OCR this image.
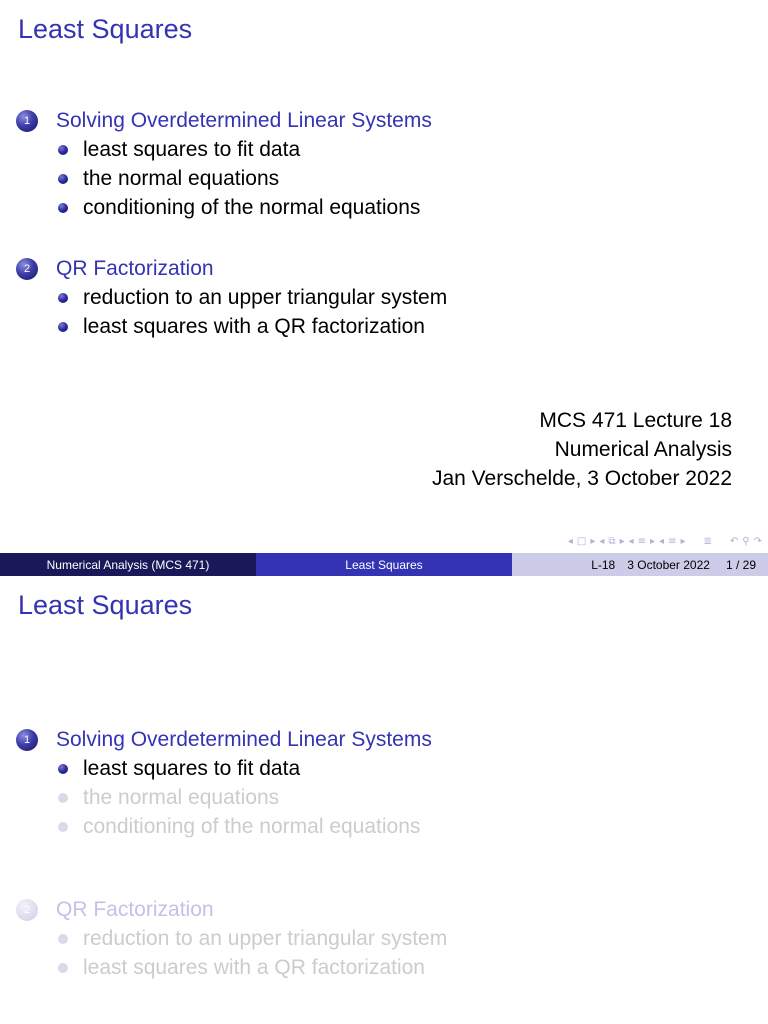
Least Squares
1	Solving Overdetermined Linear Systems
least squares to fit data
the normal equations
conditioning of the normal equations
2	QR Factorization
reduction to an upper triangular system
least squares with a QR factorization
MCS 471 Lecture 18
Numerical Analysis
Jan Verschelde, 3 October 2022
◂ □ ▸ ◂ ⧉ ▸ ◂ ≡ ▸ ◂ ≡ ▸ ≣ ↶ ⚲ ↷
Numerical Analysis (MCS 471)	Least Squares	L-18 3 October 2022 1 / 29
Least Squares
1	Solving Overdetermined Linear Systems
least squares to fit data
the normal equations
conditioning of the normal equations
2	QR Factorization
reduction to an upper triangular system
least squares with a QR factorization
